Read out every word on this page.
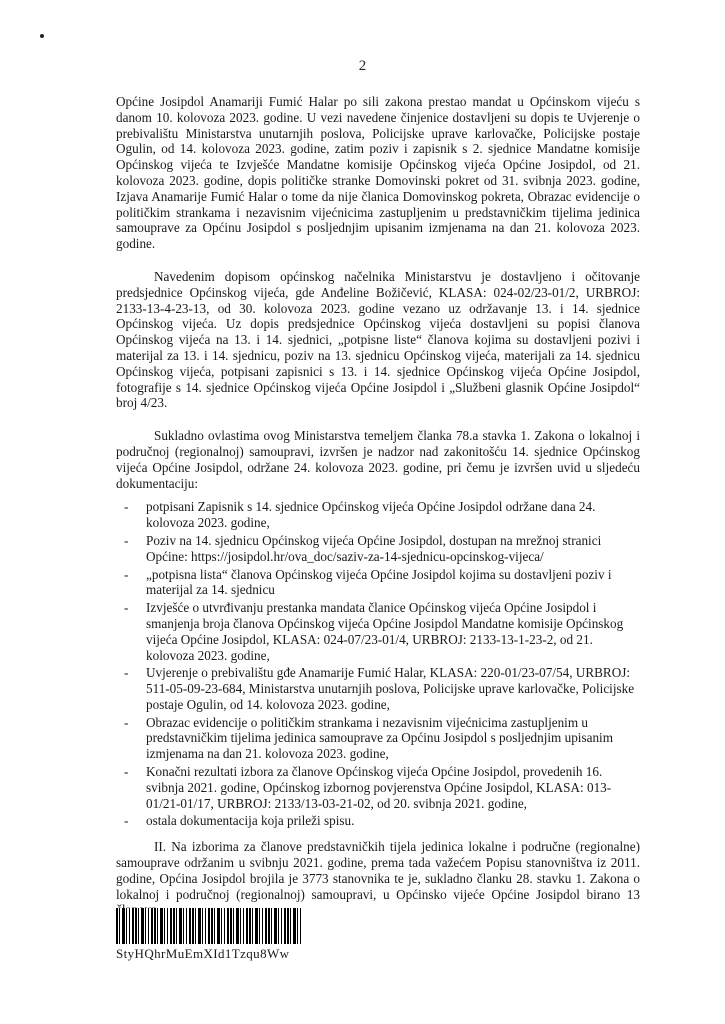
2

Općine Josipdol Anamariji Fumić Halar po sili zakona prestao mandat u Općinskom vijeću s danom 10. kolovoza 2023. godine. U vezi navedene činjenice dostavljeni su dopis te Uvjerenje o prebivalištu Ministarstva unutarnjih poslova, Policijske uprave karlovačke, Policijske postaje Ogulin, od 14. kolovoza 2023. godine, zatim poziv i zapisnik s 2. sjednice Mandatne komisije Općinskog vijeća te Izvješće Mandatne komisije Općinskog vijeća Općine Josipdol, od 21. kolovoza 2023. godine, dopis političke stranke Domovinski pokret od 31. svibnja 2023. godine, Izjava Anamarije Fumić Halar o tome da nije članica Domovinskog pokreta, Obrazac evidencije o političkim strankama i nezavisnim vijećnicima zastupljenim u predstavničkim tijelima jedinica samouprave za Općinu Josipdol s posljednjim upisanim izmjenama na dan 21. kolovoza 2023. godine.

Navedenim dopisom općinskog načelnika Ministarstvu je dostavljeno i očitovanje predsjednice Općinskog vijeća, gde Anđeline Božičević, KLASA: 024-02/23-01/2, URBROJ: 2133-13-4-23-13, od 30. kolovoza 2023. godine vezano uz održavanje 13. i 14. sjednice Općinskog vijeća. Uz dopis predsjednice Općinskog vijeća dostavljeni su popisi članova Općinskog vijeća na 13. i 14. sjednici, „potpisne liste“ članova kojima su dostavljeni pozivi i materijal za 13. i 14. sjednicu, poziv na 13. sjednicu Općinskog vijeća, materijali za 14. sjednicu Općinskog vijeća, potpisani zapisnici s 13. i 14. sjednice Općinskog vijeća Općine Josipdol, fotografije s 14. sjednice Općinskog vijeća Općine Josipdol i „Službeni glasnik Općine Josipdol“ broj 4/23.

Sukladno ovlastima ovog Ministarstva temeljem članka 78.a stavka 1. Zakona o lokalnoj i područnoj (regionalnoj) samoupravi, izvršen je nadzor nad zakonitošću 14. sjednice Općinskog vijeća Općine Josipdol, održane 24. kolovoza 2023. godine, pri čemu je izvršen uvid u sljedeću dokumentaciju:

- potpisani Zapisnik s 14. sjednice Općinskog vijeća Općine Josipdol održane dana 24. kolovoza 2023. godine,
- Poziv na 14. sjednicu Općinskog vijeća Općine Josipdol, dostupan na mrežnoj stranici Općine: https://josipdol.hr/ova_doc/saziv-za-14-sjednicu-opcinskog-vijeca/
- „potpisna lista“ članova Općinskog vijeća Općine Josipdol kojima su dostavljeni poziv i materijal za 14. sjednicu
- Izvješće o utvrđivanju prestanka mandata članice Općinskog vijeća Općine Josipdol i smanjenja broja članova Općinskog vijeća Općine Josipdol Mandatne komisije Općinskog vijeća Općine Josipdol, KLASA: 024-07/23-01/4, URBROJ: 2133-13-1-23-2, od 21. kolovoza 2023. godine,
- Uvjerenje o prebivalištu gđe Anamarije Fumić Halar, KLASA: 220-01/23-07/54, URBROJ: 511-05-09-23-684, Ministarstva unutarnjih poslova, Policijske uprave karlovačke, Policijske postaje Ogulin, od 14. kolovoza 2023. godine,
- Obrazac evidencije o političkim strankama i nezavisnim vijećnicima zastupljenim u predstavničkim tijelima jedinica samouprave za Općinu Josipdol s posljednjim upisanim izmjenama na dan 21. kolovoza 2023. godine,
- Konačni rezultati izbora za članove Općinskog vijeća Općine Josipdol, provedenih 16. svibnja 2021. godine, Općinskog izbornog povjerenstva Općine Josipdol, KLASA: 013-01/21-01/17, URBROJ: 2133/13-03-21-02, od 20. svibnja 2021. godine,
- ostala dokumentacija koja prileži spisu.

II. Na izborima za članove predstavničkih tijela jedinica lokalne i područne (regionalne) samouprave održanim u svibnju 2021. godine, prema tada važećem Popisu stanovništva iz 2011. godine, Općina Josipdol brojila je 3773 stanovnika te je, sukladno članku 28. stavku 1. Zakona o lokalnoj i područnoj (regionalnoj) samoupravi, u Općinsko vijeće Općine Josipdol birano 13

StyHQhrMuEmXId1Tzqu8Ww
